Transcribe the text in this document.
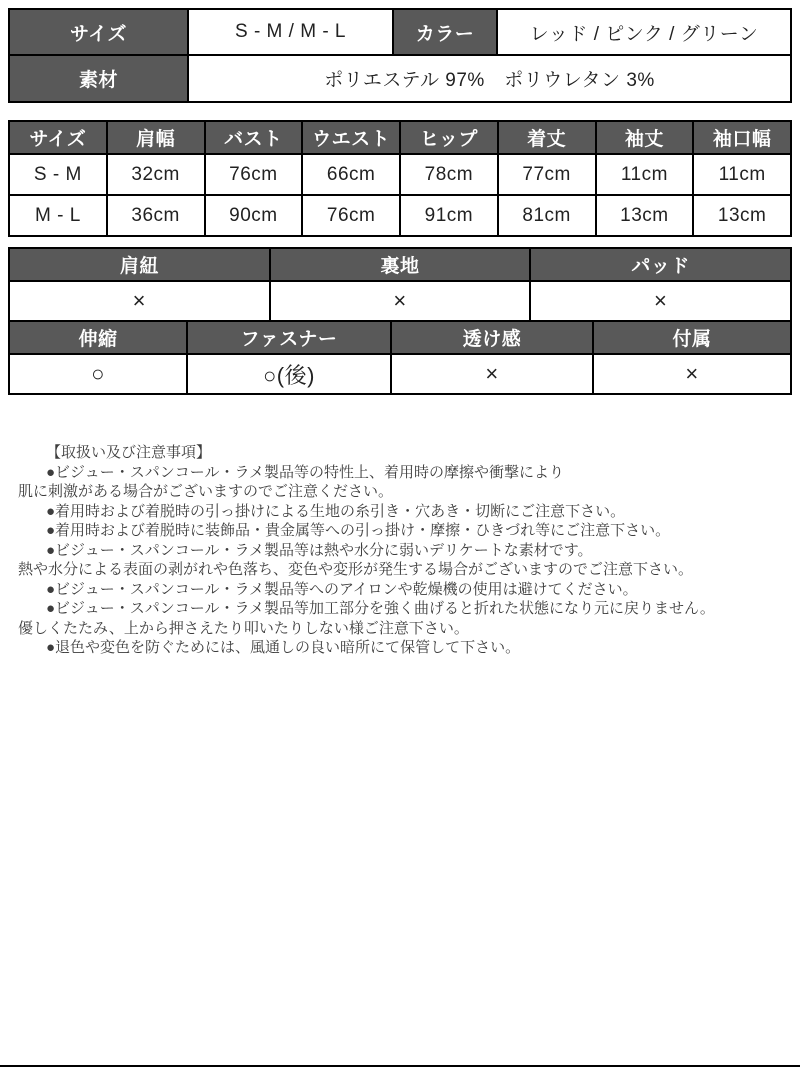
サイズ	S - M / M - L	カラー	レッド / ピンク / グリーン
素材	ポリエステル 97%　ポリウレタン 3%
サイズ	肩幅	バスト	ウエスト	ヒップ	着丈	袖丈	袖口幅
S - M	32cm	76cm	66cm	78cm	77cm	11cm	11cm
M - L	36cm	90cm	76cm	91cm	81cm	13cm	13cm
肩紐	裏地	パッド
×	×	×
伸縮	ファスナー	透け感	付属
○	○(後)	×	×
【取扱い及び注意事項】
●ビジュー・スパンコール・ラメ製品等の特性上、着用時の摩擦や衝撃により
肌に刺激がある場合がございますのでご注意ください。
●着用時および着脱時の引っ掛けによる生地の糸引き・穴あき・切断にご注意下さい。
●着用時および着脱時に装飾品・貴金属等への引っ掛け・摩擦・ひきづれ等にご注意下さい。
●ビジュー・スパンコール・ラメ製品等は熱や水分に弱いデリケートな素材です。
熱や水分による表面の剥がれや色落ち、変色や変形が発生する場合がございますのでご注意下さい。
●ビジュー・スパンコール・ラメ製品等へのアイロンや乾燥機の使用は避けてください。
●ビジュー・スパンコール・ラメ製品等加工部分を強く曲げると折れた状態になり元に戻りません。
優しくたたみ、上から押さえたり叩いたりしない様ご注意下さい。
●退色や変色を防ぐためには、風通しの良い暗所にて保管して下さい。
